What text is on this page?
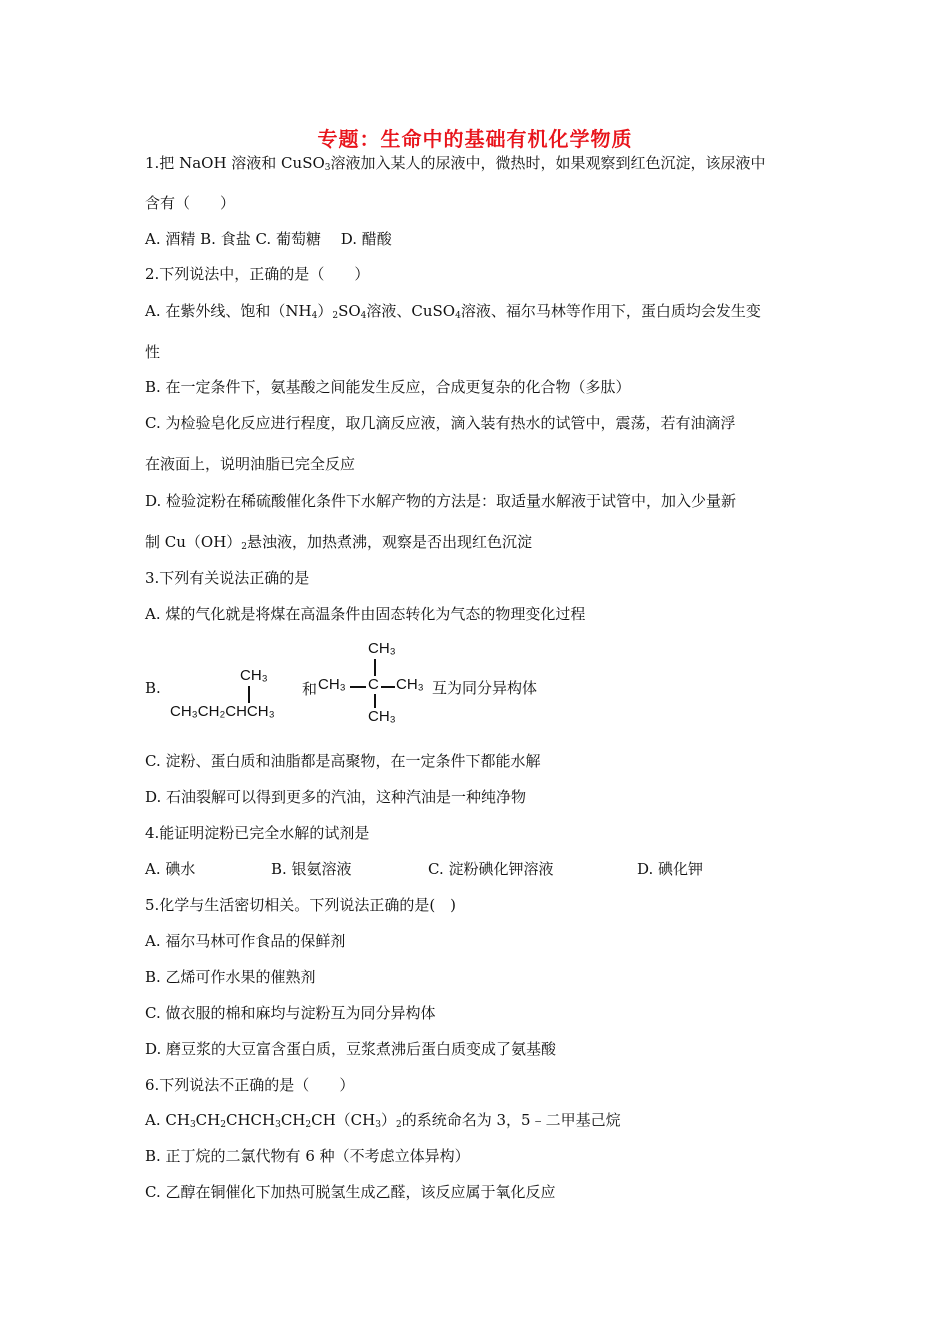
专题：生命中的基础有机化学物质
1.把 NaOH 溶液和 CuSO$_3$溶液加入某人的尿液中，微热时，如果观察到红色沉淀，该尿液中
含有（　　）
A. 酒精 B. 食盐 C. 葡萄糖　 D. 醋酸
2.下列说法中，正确的是（　　）
A. 在紫外线、饱和$(NH_4)_2SO_4$溶液、CuSO$_4$溶液、福尔马林等作用下，蛋白质均会发生变
性
B. 在一定条件下，氨基酸之间能发生反应，合成更复杂的化合物（多肽）
C. 为检验皂化反应进行程度，取几滴反应液，滴入装有热水的试管中，震荡，若有油滴浮
在液面上，说明油脂已完全反应
D. 检验淀粉在稀硫酸催化条件下水解产物的方法是：取适量水解液于试管中，加入少量新
制 $Cu(OH)_2$悬浊液，加热煮沸，观察是否出现红色沉淀
3.下列有关说法正确的是
A. 煤的气化就是将煤在高温条件由固态转化为气态的物理变化过程
B.
CH₃
CH₃CH₂CHCH₃
和
CH₃
CH₃ C CH₃
CH₃
互为同分异构体
C. 淀粉、蛋白质和油脂都是高聚物，在一定条件下都能水解
D. 石油裂解可以得到更多的汽油，这种汽油是一种纯净物
4.能证明淀粉已完全水解的试剂是
A. 碘水	B. 银氨溶液	C. 淀粉碘化钾溶液	D. 碘化钾
5.化学与生活密切相关。下列说法正确的是(　)
A. 福尔马林可作食品的保鲜剂
B. 乙烯可作水果的催熟剂
C. 做衣服的棉和麻均与淀粉互为同分异构体
D. 磨豆浆的大豆富含蛋白质，豆浆煮沸后蛋白质变成了氨基酸
6.下列说法不正确的是（　　）
A. $CH_3CH_2CHCH_3CH_2CH(CH_3)_2$的系统命名为 3，5﹣二甲基己烷
B. 正丁烷的二氯代物有 6 种（不考虑立体异构）
C. 乙醇在铜催化下加热可脱氢生成乙醛，该反应属于氧化反应
